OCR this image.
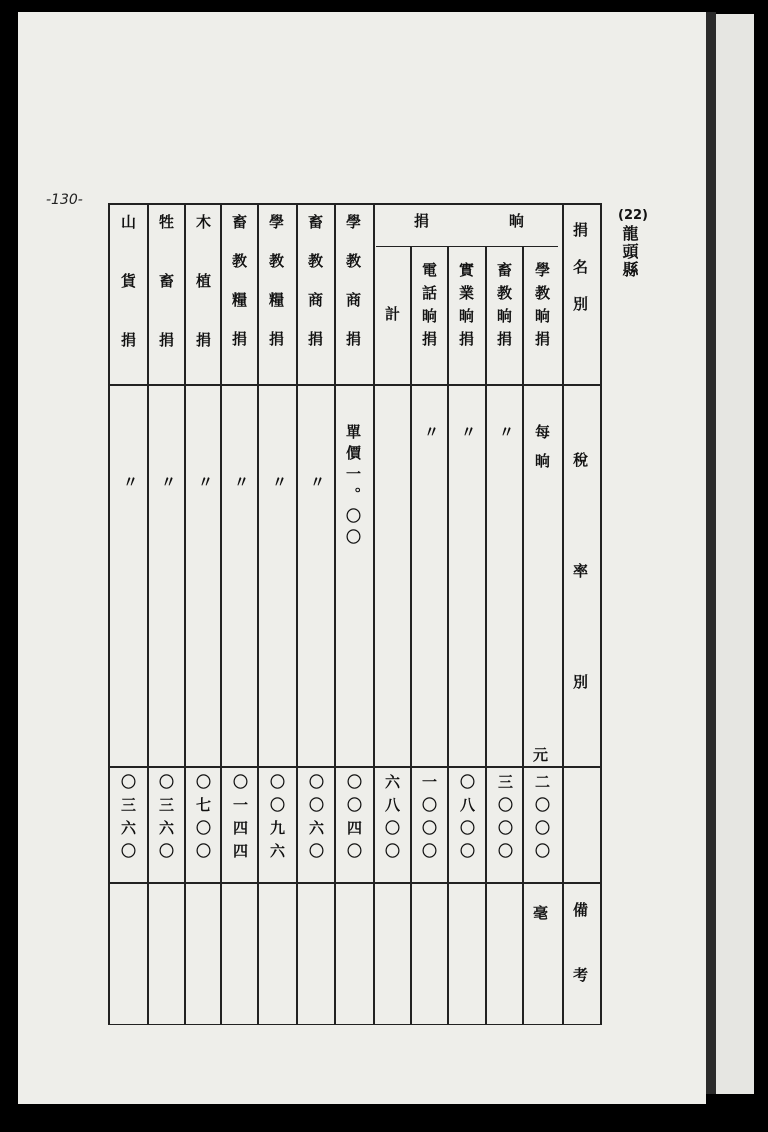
-130-
(22)
龍頭縣
捐名別
稅率別
備考
捐　　　　晌
學教晌捐
畜教晌捐
實業晌捐
電話晌捐
計
學教商捐
畜教商捐
學教糧捐
畜教糧捐
木植捐
牲畜捐
山貨捐
每晌
〃
〃
〃
單價一。〇〇
〃
〃
〃
〃
〃
〃
元
毫
二〇〇〇
三〇〇〇
〇八〇〇
一〇〇〇
六八〇〇
〇〇四〇
〇〇六〇
〇〇九六
〇一四四
〇七〇〇
〇三六〇
〇三六〇
